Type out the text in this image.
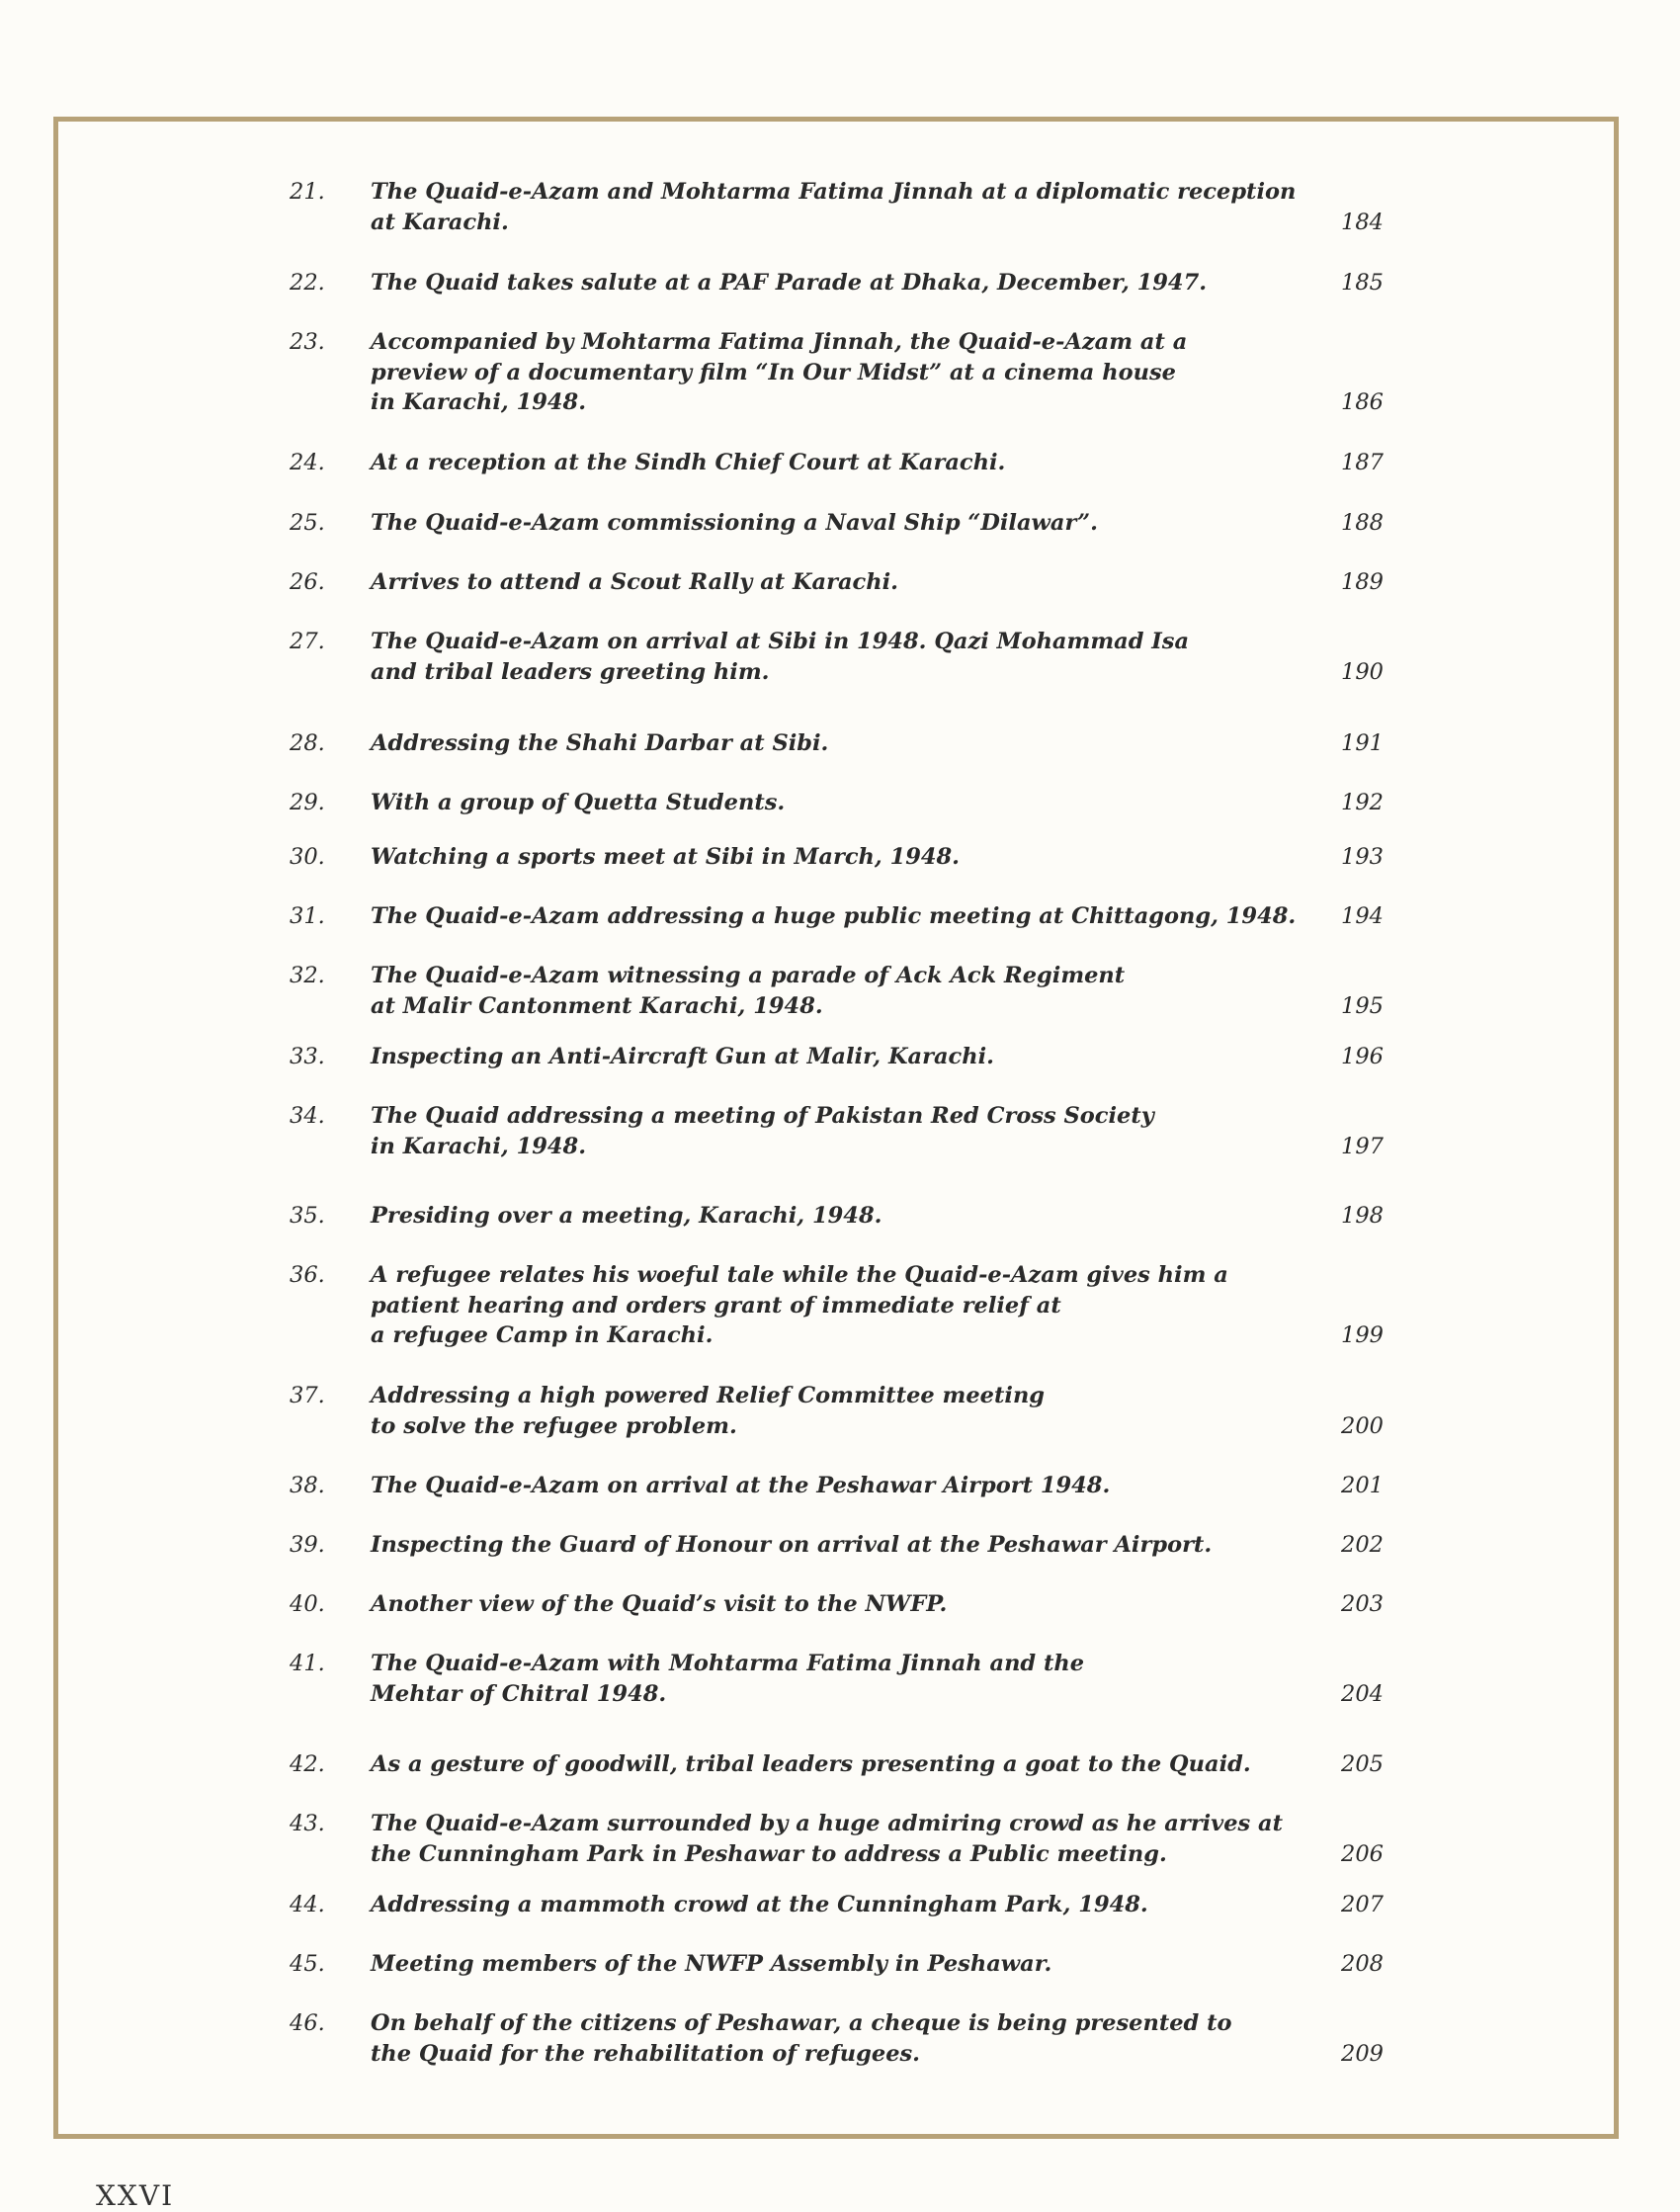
21.	The Quaid-e-Azam and Mohtarma Fatima Jinnah at a diplomatic reception
at Karachi.	184
22.	The Quaid takes salute at a PAF Parade at Dhaka, December, 1947.	185
23.	Accompanied by Mohtarma Fatima Jinnah, the Quaid-e-Azam at a
preview of a documentary film “In Our Midst” at a cinema house
in Karachi, 1948.	186
24.	At a reception at the Sindh Chief Court at Karachi.	187
25.	The Quaid-e-Azam commissioning a Naval Ship “Dilawar”.	188
26.	Arrives to attend a Scout Rally at Karachi.	189
27.	The Quaid-e-Azam on arrival at Sibi in 1948. Qazi Mohammad Isa
and tribal leaders greeting him.	190
28.	Addressing the Shahi Darbar at Sibi.	191
29.	With a group of Quetta Students.	192
30.	Watching a sports meet at Sibi in March, 1948.	193
31.	The Quaid-e-Azam addressing a huge public meeting at Chittagong, 1948.	194
32.	The Quaid-e-Azam witnessing a parade of Ack Ack Regiment
at Malir Cantonment Karachi, 1948.	195
33.	Inspecting an Anti-Aircraft Gun at Malir, Karachi.	196
34.	The Quaid addressing a meeting of Pakistan Red Cross Society
in Karachi, 1948.	197
35.	Presiding over a meeting, Karachi, 1948.	198
36.	A refugee relates his woeful tale while the Quaid-e-Azam gives him a
patient hearing and orders grant of immediate relief at
a refugee Camp in Karachi.	199
37.	Addressing a high powered Relief Committee meeting
to solve the refugee problem.	200
38.	The Quaid-e-Azam on arrival at the Peshawar Airport 1948.	201
39.	Inspecting the Guard of Honour on arrival at the Peshawar Airport.	202
40.	Another view of the Quaid’s visit to the NWFP.	203
41.	The Quaid-e-Azam with Mohtarma Fatima Jinnah and the
Mehtar of Chitral 1948.	204
42.	As a gesture of goodwill, tribal leaders presenting a goat to the Quaid.	205
43.	The Quaid-e-Azam surrounded by a huge admiring crowd as he arrives at
the Cunningham Park in Peshawar to address a Public meeting.	206
44.	Addressing a mammoth crowd at the Cunningham Park, 1948.	207
45.	Meeting members of the NWFP Assembly in Peshawar.	208
46.	On behalf of the citizens of Peshawar, a cheque is being presented to
the Quaid for the rehabilitation of refugees.	209
XXVI
